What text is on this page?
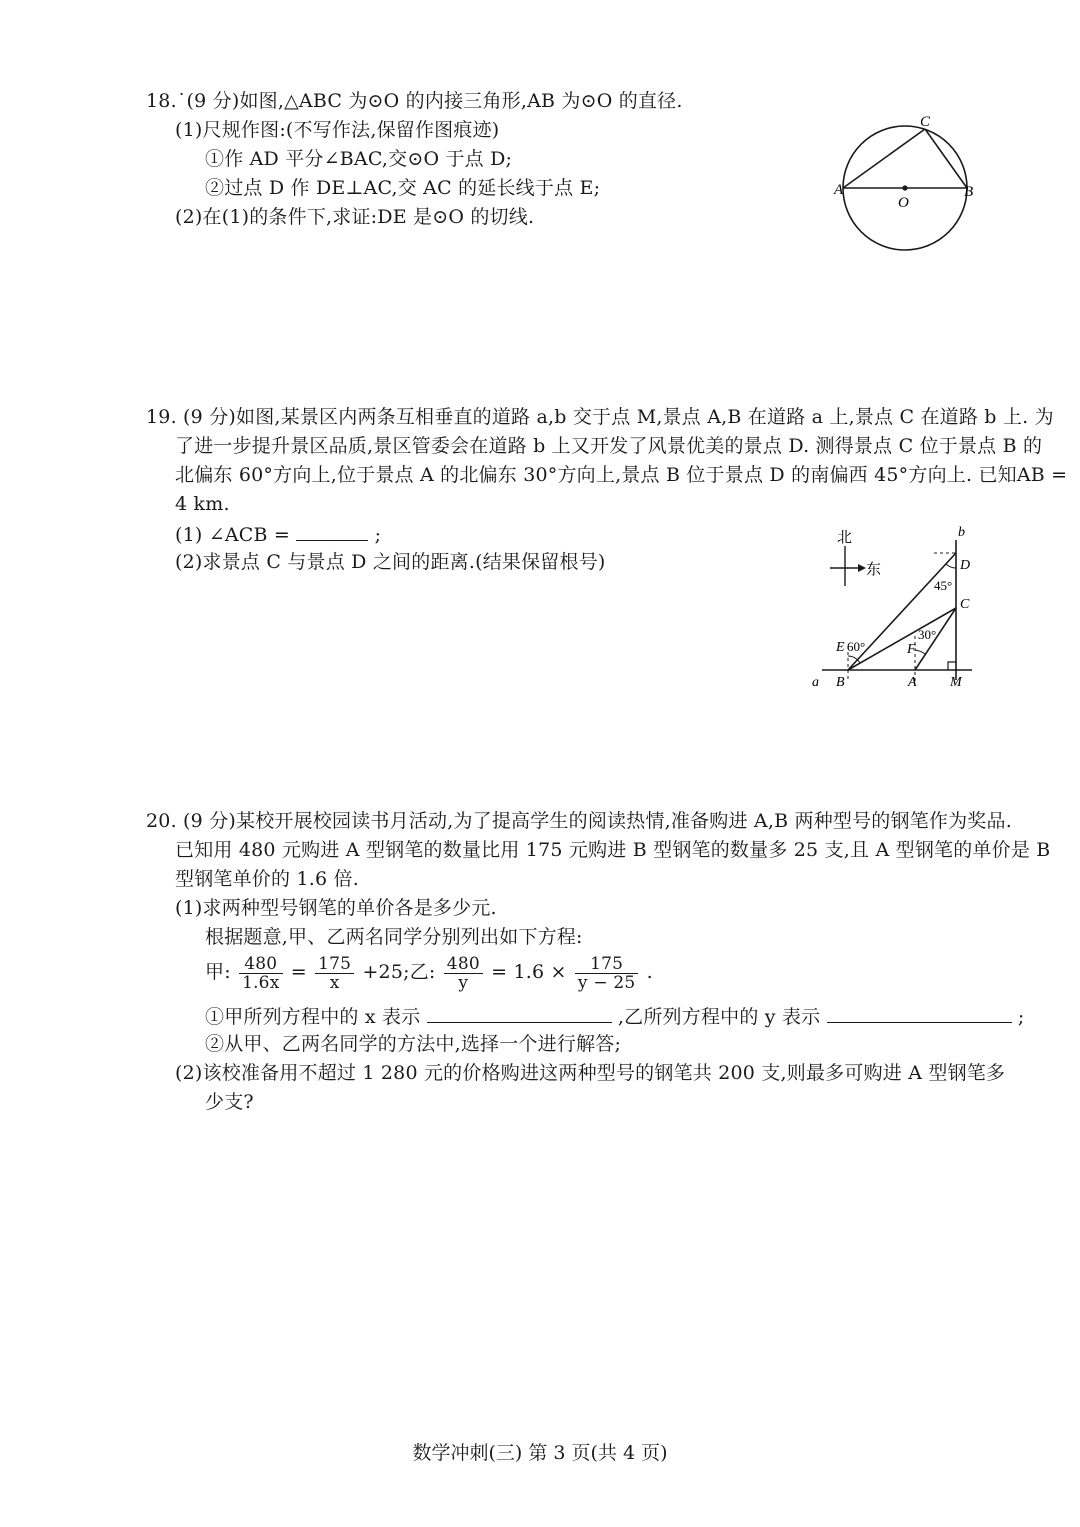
18.˙(9 分)如图,△ABC 为⊙O 的内接三角形,AB 为⊙O 的直径.
(1)尺规作图:(不写作法,保留作图痕迹)
①作 AD 平分∠BAC,交⊙O 于点 D;
②过点 D 作 DE⊥AC,交 AC 的延长线于点 E;
(2)在(1)的条件下,求证:DE 是⊙O 的切线.
A	B
C
O
19. (9 分)如图,某景区内两条互相垂直的道路 a,b 交于点 M,景点 A,B 在道路 a 上,景点 C 在道路 b 上. 为
了进一步提升景区品质,景区管委会在道路 b 上又开发了风景优美的景点 D. 测得景点 C 位于景点 B 的
北偏东 60°方向上,位于景点 A 的北偏东 30°方向上,景点 B 位于景点 D 的南偏西 45°方向上. 已知AB =
4 km.
(1) ∠ACB =	;
(2)求景点 C 与景点 D 之间的距离.(结果保留根号)
北
东
a
b
B	A M
C
D
E	F
60°
30°
45°
20. (9 分)某校开展校园读书月活动,为了提高学生的阅读热情,准备购进 A,B 两种型号的钢笔作为奖品.
已知用 480 元购进 A 型钢笔的数量比用 175 元购进 B 型钢笔的数量多 25 支,且 A 型钢笔的单价是 B
型钢笔单价的 1.6 倍.
(1)求两种型号钢笔的单价各是多少元.
根据题意,甲、乙两名同学分别列出如下方程:
甲: $\frac{480}{1.6x} = \frac{175}{x} +25$;乙: $\frac{480}{y} = 1.6 \times \frac{175}{y - 25}$ .
①甲所列方程中的 x 表示	,乙所列方程中的 y 表示	;
②从甲、乙两名同学的方法中,选择一个进行解答;
(2)该校准备用不超过 1 280 元的价格购进这两种型号的钢笔共 200 支,则最多可购进 A 型钢笔多
少支?
数学冲刺(三) 第 3 页(共 4 页)
